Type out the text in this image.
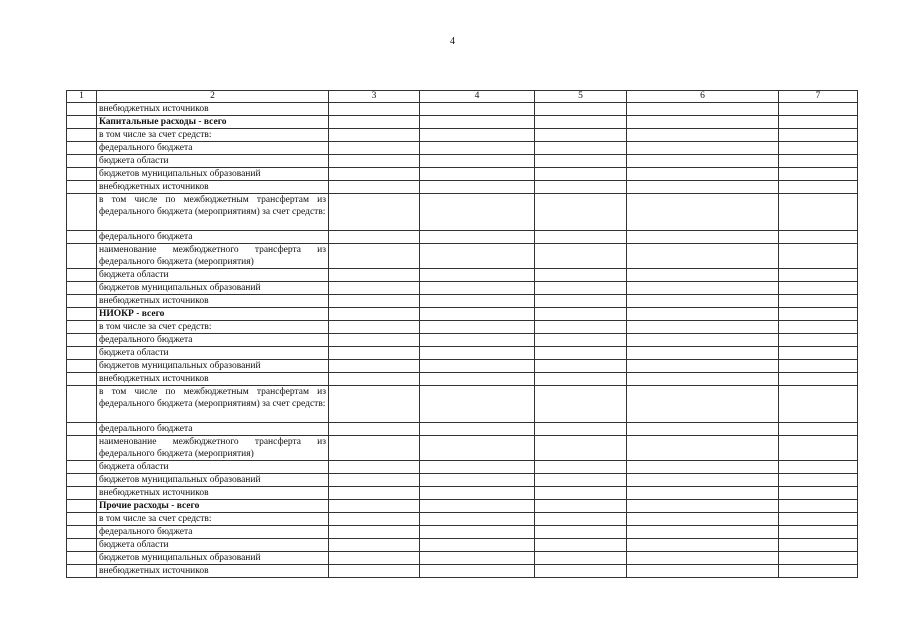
4
1	2	3	4	5	6	7
	внебюджетных источников					
	Капитальные расходы - всего					
	в том числе за счет средств:					
	федерального бюджета					
	бюджета области					
	бюджетов муниципальных образований					
	внебюджетных источников					
	в том числе по межбюджетным трансфертам из федерального бюджета (мероприятиям) за счет средств:					
	федерального бюджета					
	наименование межбюджетного трансферта из федерального бюджета (мероприятия)					
	бюджета области					
	бюджетов муниципальных образований					
	внебюджетных источников					
	НИОКР - всего					
	в том числе за счет средств:					
	федерального бюджета					
	бюджета области					
	бюджетов муниципальных образований					
	внебюджетных источников					
	в том числе по межбюджетным трансфертам из федерального бюджета (мероприятиям) за счет средств:					
	федерального бюджета					
	наименование межбюджетного трансферта из федерального бюджета (мероприятия)					
	бюджета области					
	бюджетов муниципальных образований					
	внебюджетных источников					
	Прочие расходы - всего					
	в том числе за счет средств:					
	федерального бюджета					
	бюджета области					
	бюджетов муниципальных образований					
	внебюджетных источников					
